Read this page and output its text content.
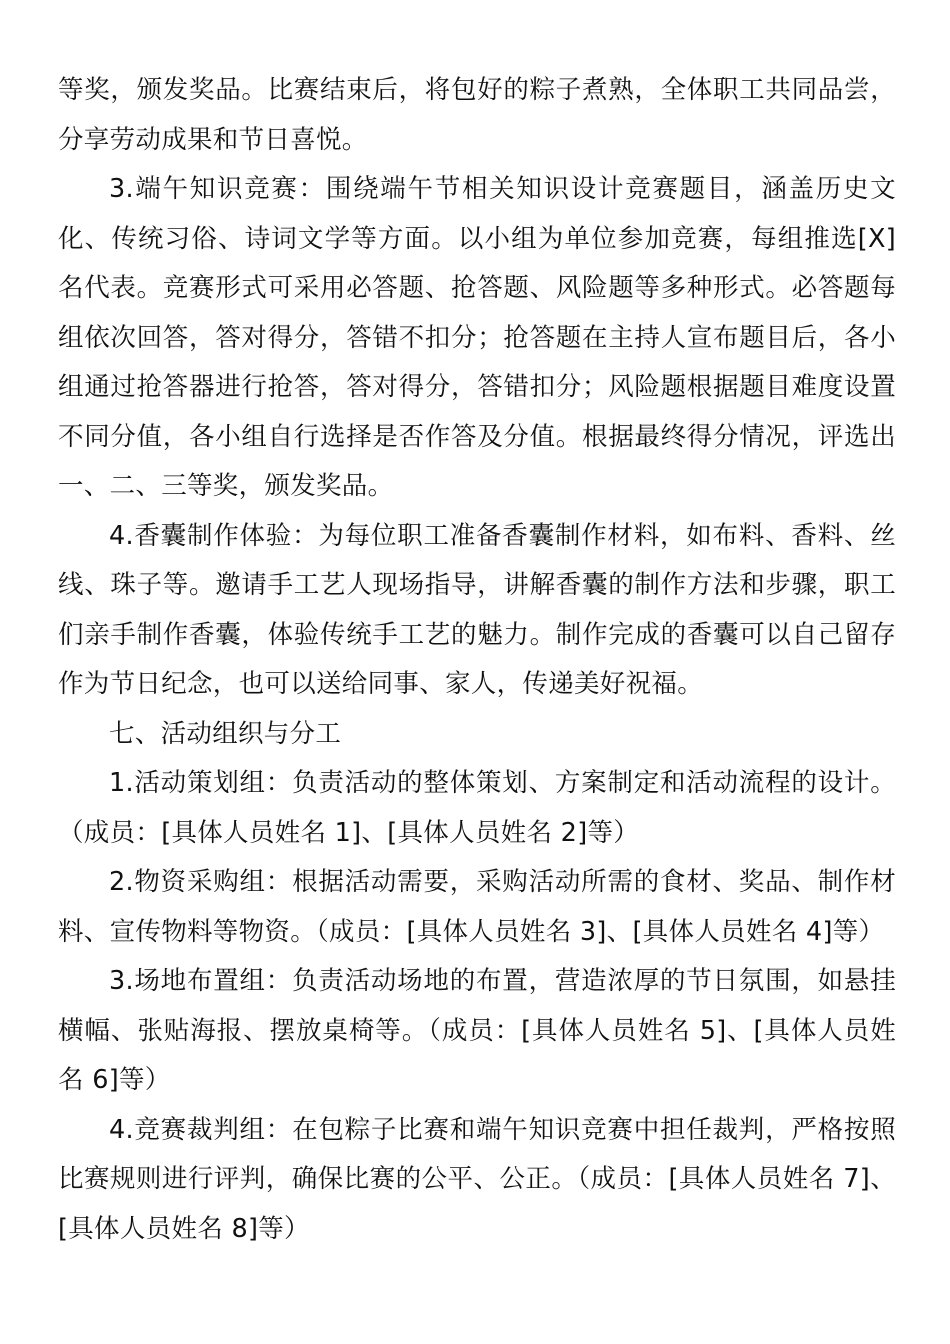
等奖，颁发奖品。比赛结束后，将包好的粽子煮熟，全体职工共同品尝，分享劳动成果和节日喜悦。

3.端午知识竞赛：围绕端午节相关知识设计竞赛题目，涵盖历史文化、传统习俗、诗词文学等方面。以小组为单位参加竞赛，每组推选[X]名代表。竞赛形式可采用必答题、抢答题、风险题等多种形式。必答题每组依次回答，答对得分，答错不扣分；抢答题在主持人宣布题目后，各小组通过抢答器进行抢答，答对得分，答错扣分；风险题根据题目难度设置不同分值，各小组自行选择是否作答及分值。根据最终得分情况，评选出一、二、三等奖，颁发奖品。

4.香囊制作体验：为每位职工准备香囊制作材料，如布料、香料、丝线、珠子等。邀请手工艺人现场指导，讲解香囊的制作方法和步骤，职工们亲手制作香囊，体验传统手工艺的魅力。制作完成的香囊可以自己留存作为节日纪念，也可以送给同事、家人，传递美好祝福。

七、活动组织与分工

1.活动策划组：负责活动的整体策划、方案制定和活动流程的设计。（成员：[具体人员姓名 1]、[具体人员姓名 2]等）

2.物资采购组：根据活动需要，采购活动所需的食材、奖品、制作材料、宣传物料等物资。（成员：[具体人员姓名 3]、[具体人员姓名 4]等）

3.场地布置组：负责活动场地的布置，营造浓厚的节日氛围，如悬挂横幅、张贴海报、摆放桌椅等。（成员：[具体人员姓名 5]、[具体人员姓名 6]等）

4.竞赛裁判组：在包粽子比赛和端午知识竞赛中担任裁判，严格按照比赛规则进行评判，确保比赛的公平、公正。（成员：[具体人员姓名 7]、[具体人员姓名 8]等）
